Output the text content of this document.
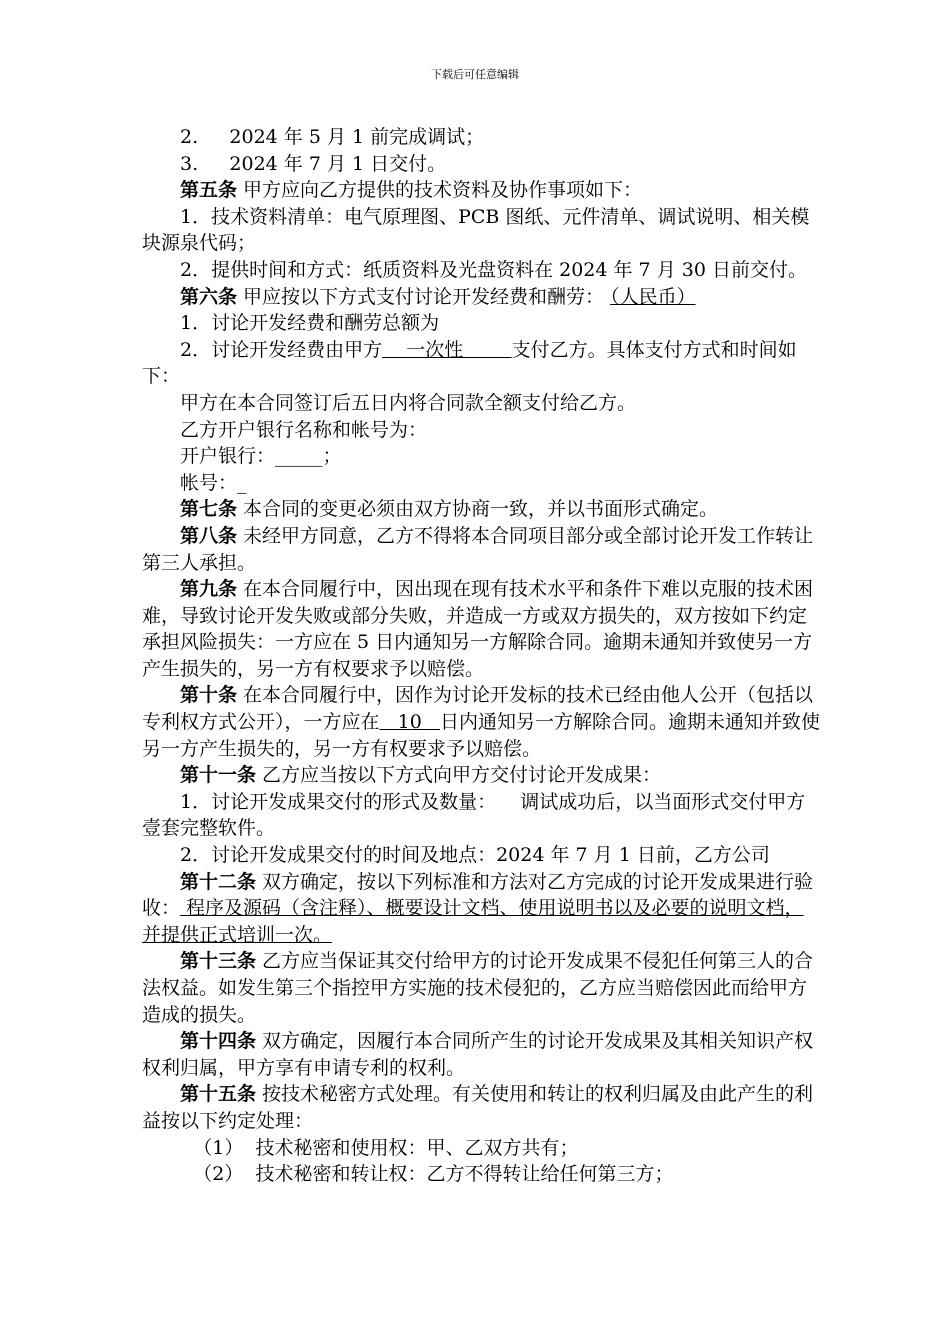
下载后可任意编辑

2. 2024 年 5 月 1 前完成调试；

3. 2024 年 7 月 1 日交付。

第五条 甲方应向乙方提供的技术资料及协作事项如下：

1．技术资料清单：电气原理图、PCB 图纸、元件清单、调试说明、相关模块源泉代码；

2．提供时间和方式：纸质资料及光盘资料在 2024 年 7 月 30 日前交付。

第六条 甲应按以下方式支付讨论开发经费和酬劳： （人民币）

1．讨论开发经费和酬劳总额为

2．讨论开发经费由甲方    一次性        支付乙方。具体支付方式和时间如下：

甲方在本合同签订后五日内将合同款全额支付给乙方。

乙方开户银行名称和帐号为：

开户银行：_____；

帐号：_

第七条 本合同的变更必须由双方协商一致，并以书面形式确定。

第八条 未经甲方同意，乙方不得将本合同项目部分或全部讨论开发工作转让第三人承担。

第九条 在本合同履行中，因出现在现有技术水平和条件下难以克服的技术困难，导致讨论开发失败或部分失败，并造成一方或双方损失的，双方按如下约定承担风险损失：一方应在 5 日内通知另一方解除合同。逾期未通知并致使另一方产生损失的，另一方有权要求予以赔偿。

第十条 在本合同履行中，因作为讨论开发标的技术已经由他人公开（包括以专利权方式公开），一方应在   10   日内通知另一方解除合同。逾期未通知并致使另一方产生损失的，另一方有权要求予以赔偿。

第十一条 乙方应当按以下方式向甲方交付讨论开发成果：

1．讨论开发成果交付的形式及数量：    调试成功后，以当面形式交付甲方壹套完整软件。

2．讨论开发成果交付的时间及地点：2024 年 7 月 1 日前，乙方公司

第十二条 双方确定，按以下列标准和方法对乙方完成的讨论开发成果进行验收： 程序及源码（含注释）、概要设计文档、使用说明书以及必要的说明文档，并提供正式培训一次。

第十三条 乙方应当保证其交付给甲方的讨论开发成果不侵犯任何第三人的合法权益。如发生第三个指控甲方实施的技术侵犯的，乙方应当赔偿因此而给甲方造成的损失。

第十四条 双方确定，因履行本合同所产生的讨论开发成果及其相关知识产权权利归属，甲方享有申请专利的权利。

第十五条 按技术秘密方式处理。有关使用和转让的权利归属及由此产生的利益按以下约定处理：

（1）  技术秘密和使用权：甲、乙双方共有；

（2）  技术秘密和转让权：乙方不得转让给任何第三方；
